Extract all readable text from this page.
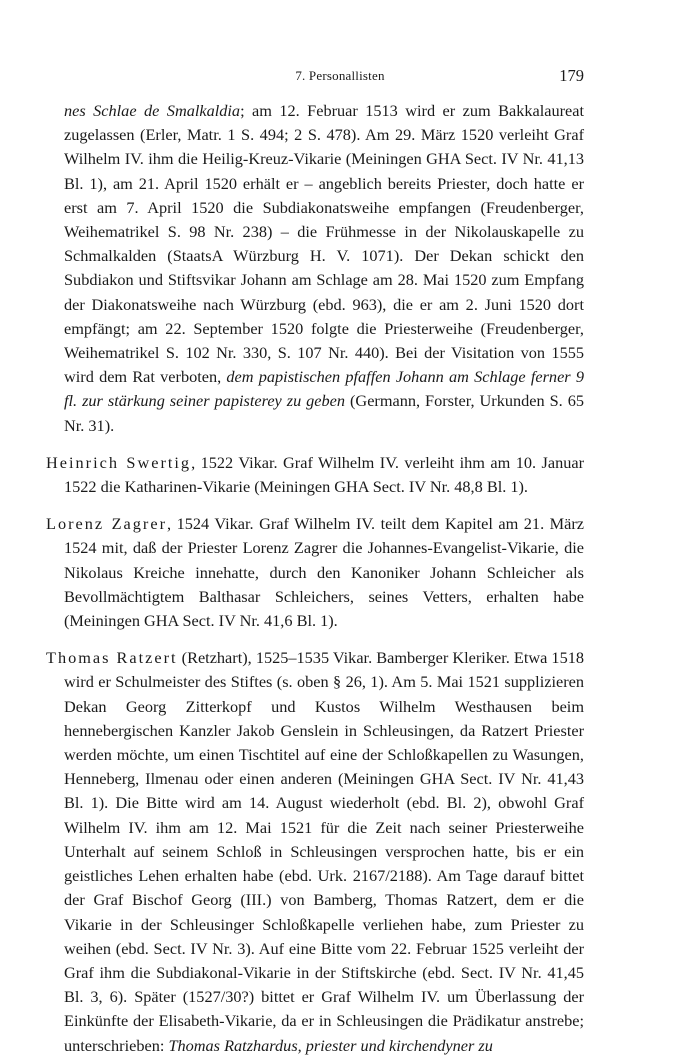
7. Personallisten	179

nes Schlae de Smalkaldia; am 12. Februar 1513 wird er zum Bakkalaureat zugelassen (Erler, Matr. 1 S. 494; 2 S. 478). Am 29. März 1520 verleiht Graf Wilhelm IV. ihm die Heilig-Kreuz-Vikarie (Meiningen GHA Sect. IV Nr. 41,13 Bl. 1), am 21. April 1520 erhält er – angeblich bereits Priester, doch hatte er erst am 7. April 1520 die Subdiakonatsweihe empfangen (Freudenberger, Weihematrikel S. 98 Nr. 238) – die Frühmesse in der Nikolauskapelle zu Schmalkalden (StaatsA Würzburg H. V. 1071). Der Dekan schickt den Subdiakon und Stiftsvikar Johann am Schlage am 28. Mai 1520 zum Empfang der Diakonatsweihe nach Würzburg (ebd. 963), die er am 2. Juni 1520 dort empfängt; am 22. September 1520 folgte die Priesterweihe (Freudenberger, Weihematrikel S. 102 Nr. 330, S. 107 Nr. 440). Bei der Visitation von 1555 wird dem Rat verboten, dem papistischen pfaffen Johann am Schlage ferner 9 fl. zur stärkung seiner papisterey zu geben (Germann, Forster, Urkunden S. 65 Nr. 31).

Heinrich Swertig, 1522 Vikar. Graf Wilhelm IV. verleiht ihm am 10. Januar 1522 die Katharinen-Vikarie (Meiningen GHA Sect. IV Nr. 48,8 Bl. 1).

Lorenz Zagrer, 1524 Vikar. Graf Wilhelm IV. teilt dem Kapitel am 21. März 1524 mit, daß der Priester Lorenz Zagrer die Johannes-Evangelist-Vikarie, die Nikolaus Kreiche innehatte, durch den Kanoniker Johann Schleicher als Bevollmächtigtem Balthasar Schleichers, seines Vetters, erhalten habe (Meiningen GHA Sect. IV Nr. 41,6 Bl. 1).

Thomas Ratzert (Retzhart), 1525–1535 Vikar. Bamberger Kleriker. Etwa 1518 wird er Schulmeister des Stiftes (s. oben § 26, 1). Am 5. Mai 1521 supplizieren Dekan Georg Zitterkopf und Kustos Wilhelm Westhausen beim hennebergischen Kanzler Jakob Genslein in Schleusingen, da Ratzert Priester werden möchte, um einen Tischtitel auf eine der Schloßkapellen zu Wasungen, Henneberg, Ilmenau oder einen anderen (Meiningen GHA Sect. IV Nr. 41,43 Bl. 1). Die Bitte wird am 14. August wiederholt (ebd. Bl. 2), obwohl Graf Wilhelm IV. ihm am 12. Mai 1521 für die Zeit nach seiner Priesterweihe Unterhalt auf seinem Schloß in Schleusingen versprochen hatte, bis er ein geistliches Lehen erhalten habe (ebd. Urk. 2167/2188). Am Tage darauf bittet der Graf Bischof Georg (III.) von Bamberg, Thomas Ratzert, dem er die Vikarie in der Schleusinger Schloßkapelle verliehen habe, zum Priester zu weihen (ebd. Sect. IV Nr. 3). Auf eine Bitte vom 22. Februar 1525 verleiht der Graf ihm die Subdiakonal-Vikarie in der Stiftskirche (ebd. Sect. IV Nr. 41,45 Bl. 3, 6). Später (1527/30?) bittet er Graf Wilhelm IV. um Überlassung der Einkünfte der Elisabeth-Vikarie, da er in Schleusingen die Prädikatur anstrebe; unterschrieben: Thomas Ratzhardus, priester und kirchendyner zu
